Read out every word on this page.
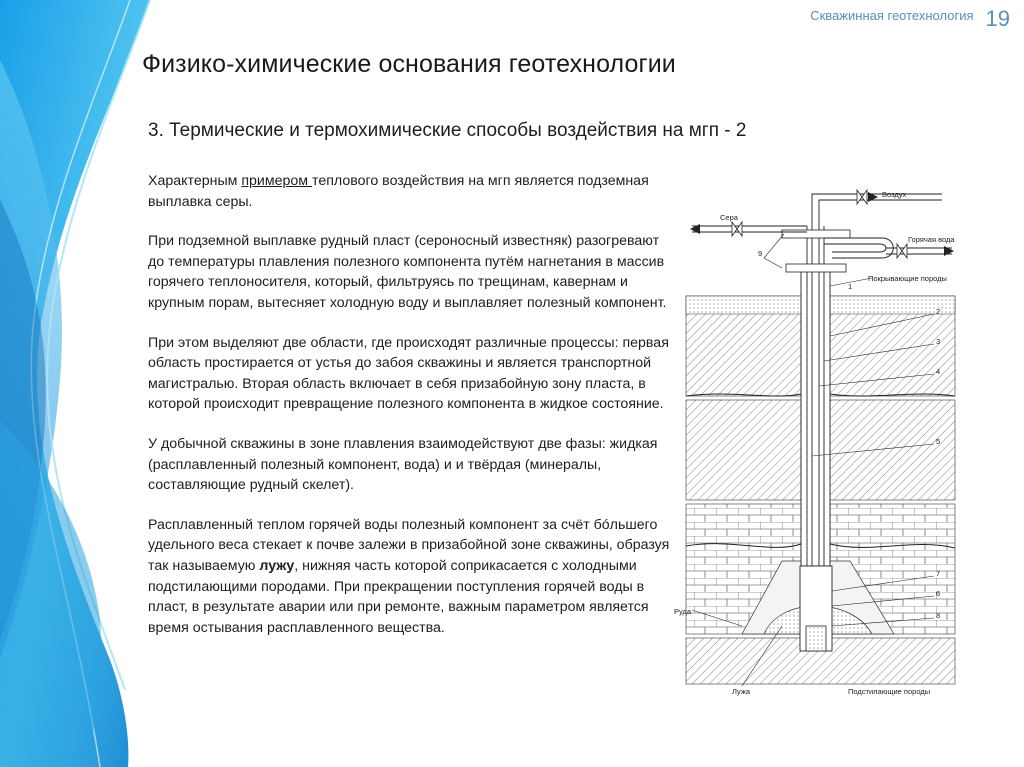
Скважинная геотехнология 19
Физико-химические основания геотехнологии
3. Термические и термохимические способы воздействия на мгп - 2

Характерным примером теплового воздействия на мгп является подземная выплавка серы.

При подземной выплавке рудный пласт (сероносный известняк) разогревают до температуры плавления полезного компонента путём нагнетания в массив горячего теплоносителя, который, фильтруясь по трещинам, кавернам и крупным порам, вытесняет холодную воду и выплавляет полезный компонент.

При этом выделяют две области, где происходят различные процессы: первая область простирается от устья до забоя скважины и является транспортной магистралью. Вторая область включает в себя призабойную зону пласта, в которой происходит превращение полезного компонента в жидкое состояние.

У добычной скважины в зоне плавления взаимодействуют две фазы: жидкая (расплавленный полезный компонент, вода) и и твёрдая (минералы, составляющие рудный скелет).

Расплавленный теплом горячей воды полезный компонент за счёт бóльшего удельного веса стекает к почве залежи в призабойной зоне скважины, образуя так называемую лужу, нижняя часть которой соприкасается с холодными подстилающими породами. При прекращении поступления горячей воды в пласт, в результате аварии или при ремонте, важным параметром является время остывания расплавленного вещества.

Воздух
Сера
Горячая вода
Покрывающие породы
Руда
Лужа	Подстилающие породы
2
3
4
5
1
7
6
8
9
